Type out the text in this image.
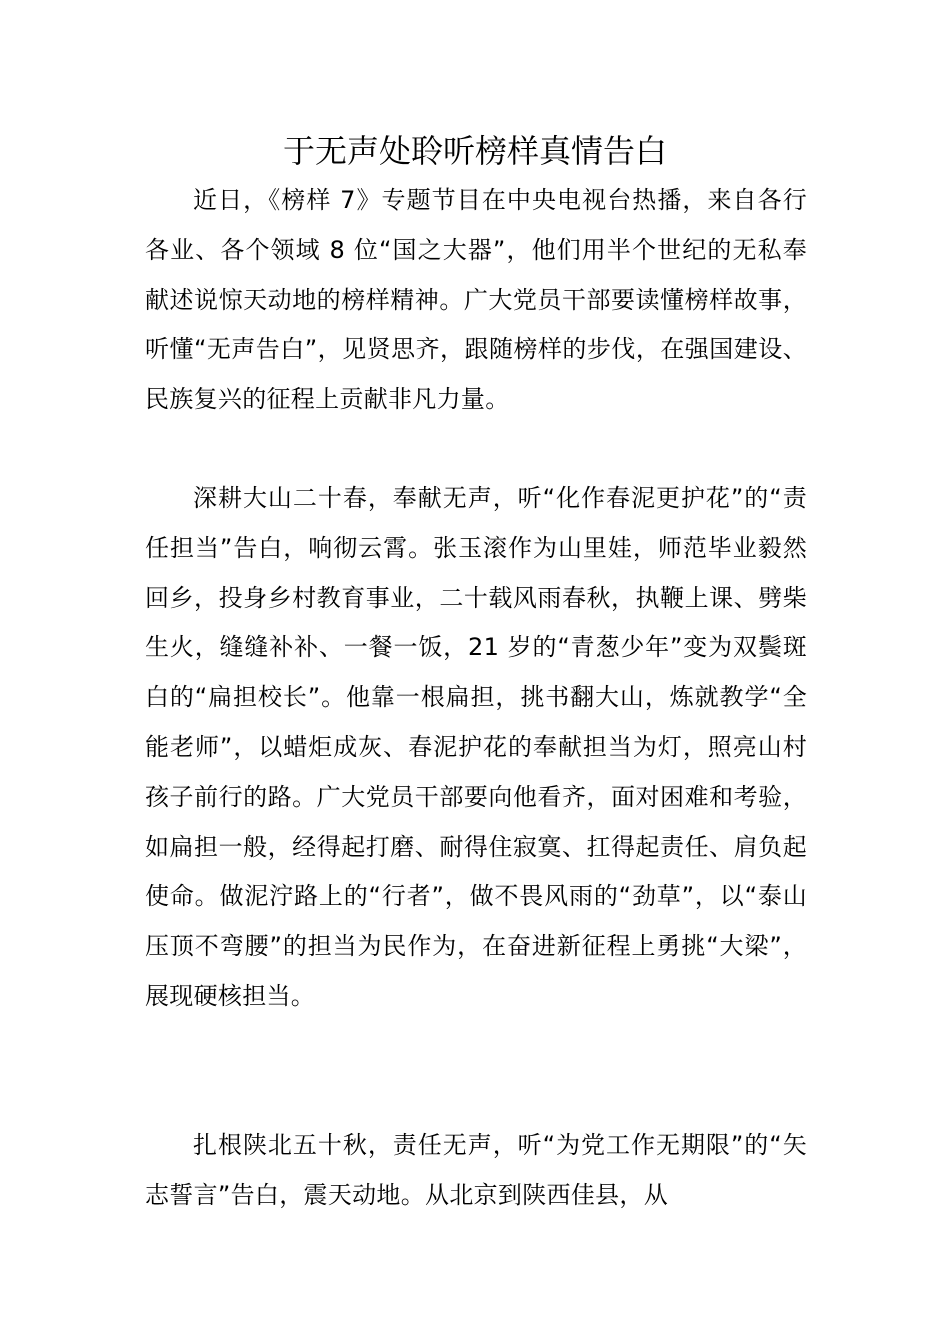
于无声处聆听榜样真情告白

近日，《榜样 7》专题节目在中央电视台热播，来自各行各业、各个领域 8 位“国之大器”，他们用半个世纪的无私奉献述说惊天动地的榜样精神。广大党员干部要读懂榜样故事，听懂“无声告白”，见贤思齐，跟随榜样的步伐，在强国建设、民族复兴的征程上贡献非凡力量。

深耕大山二十春，奉献无声，听“化作春泥更护花”的“责任担当”告白，响彻云霄。张玉滚作为山里娃，师范毕业毅然回乡，投身乡村教育事业，二十载风雨春秋，执鞭上课、劈柴生火，缝缝补补、一餐一饭，21 岁的“青葱少年”变为双鬓斑白的“扁担校长”。他靠一根扁担，挑书翻大山，炼就教学“全能老师”，以蜡炬成灰、春泥护花的奉献担当为灯，照亮山村孩子前行的路。广大党员干部要向他看齐，面对困难和考验，如扁担一般，经得起打磨、耐得住寂寞、扛得起责任、肩负起使命。做泥泞路上的“行者”，做不畏风雨的“劲草”，以“泰山压顶不弯腰”的担当为民作为，在奋进新征程上勇挑“大梁”，展现硬核担当。

扎根陕北五十秋，责任无声，听“为党工作无期限”的“矢志誓言”告白，震天动地。从北京到陕西佳县，从
